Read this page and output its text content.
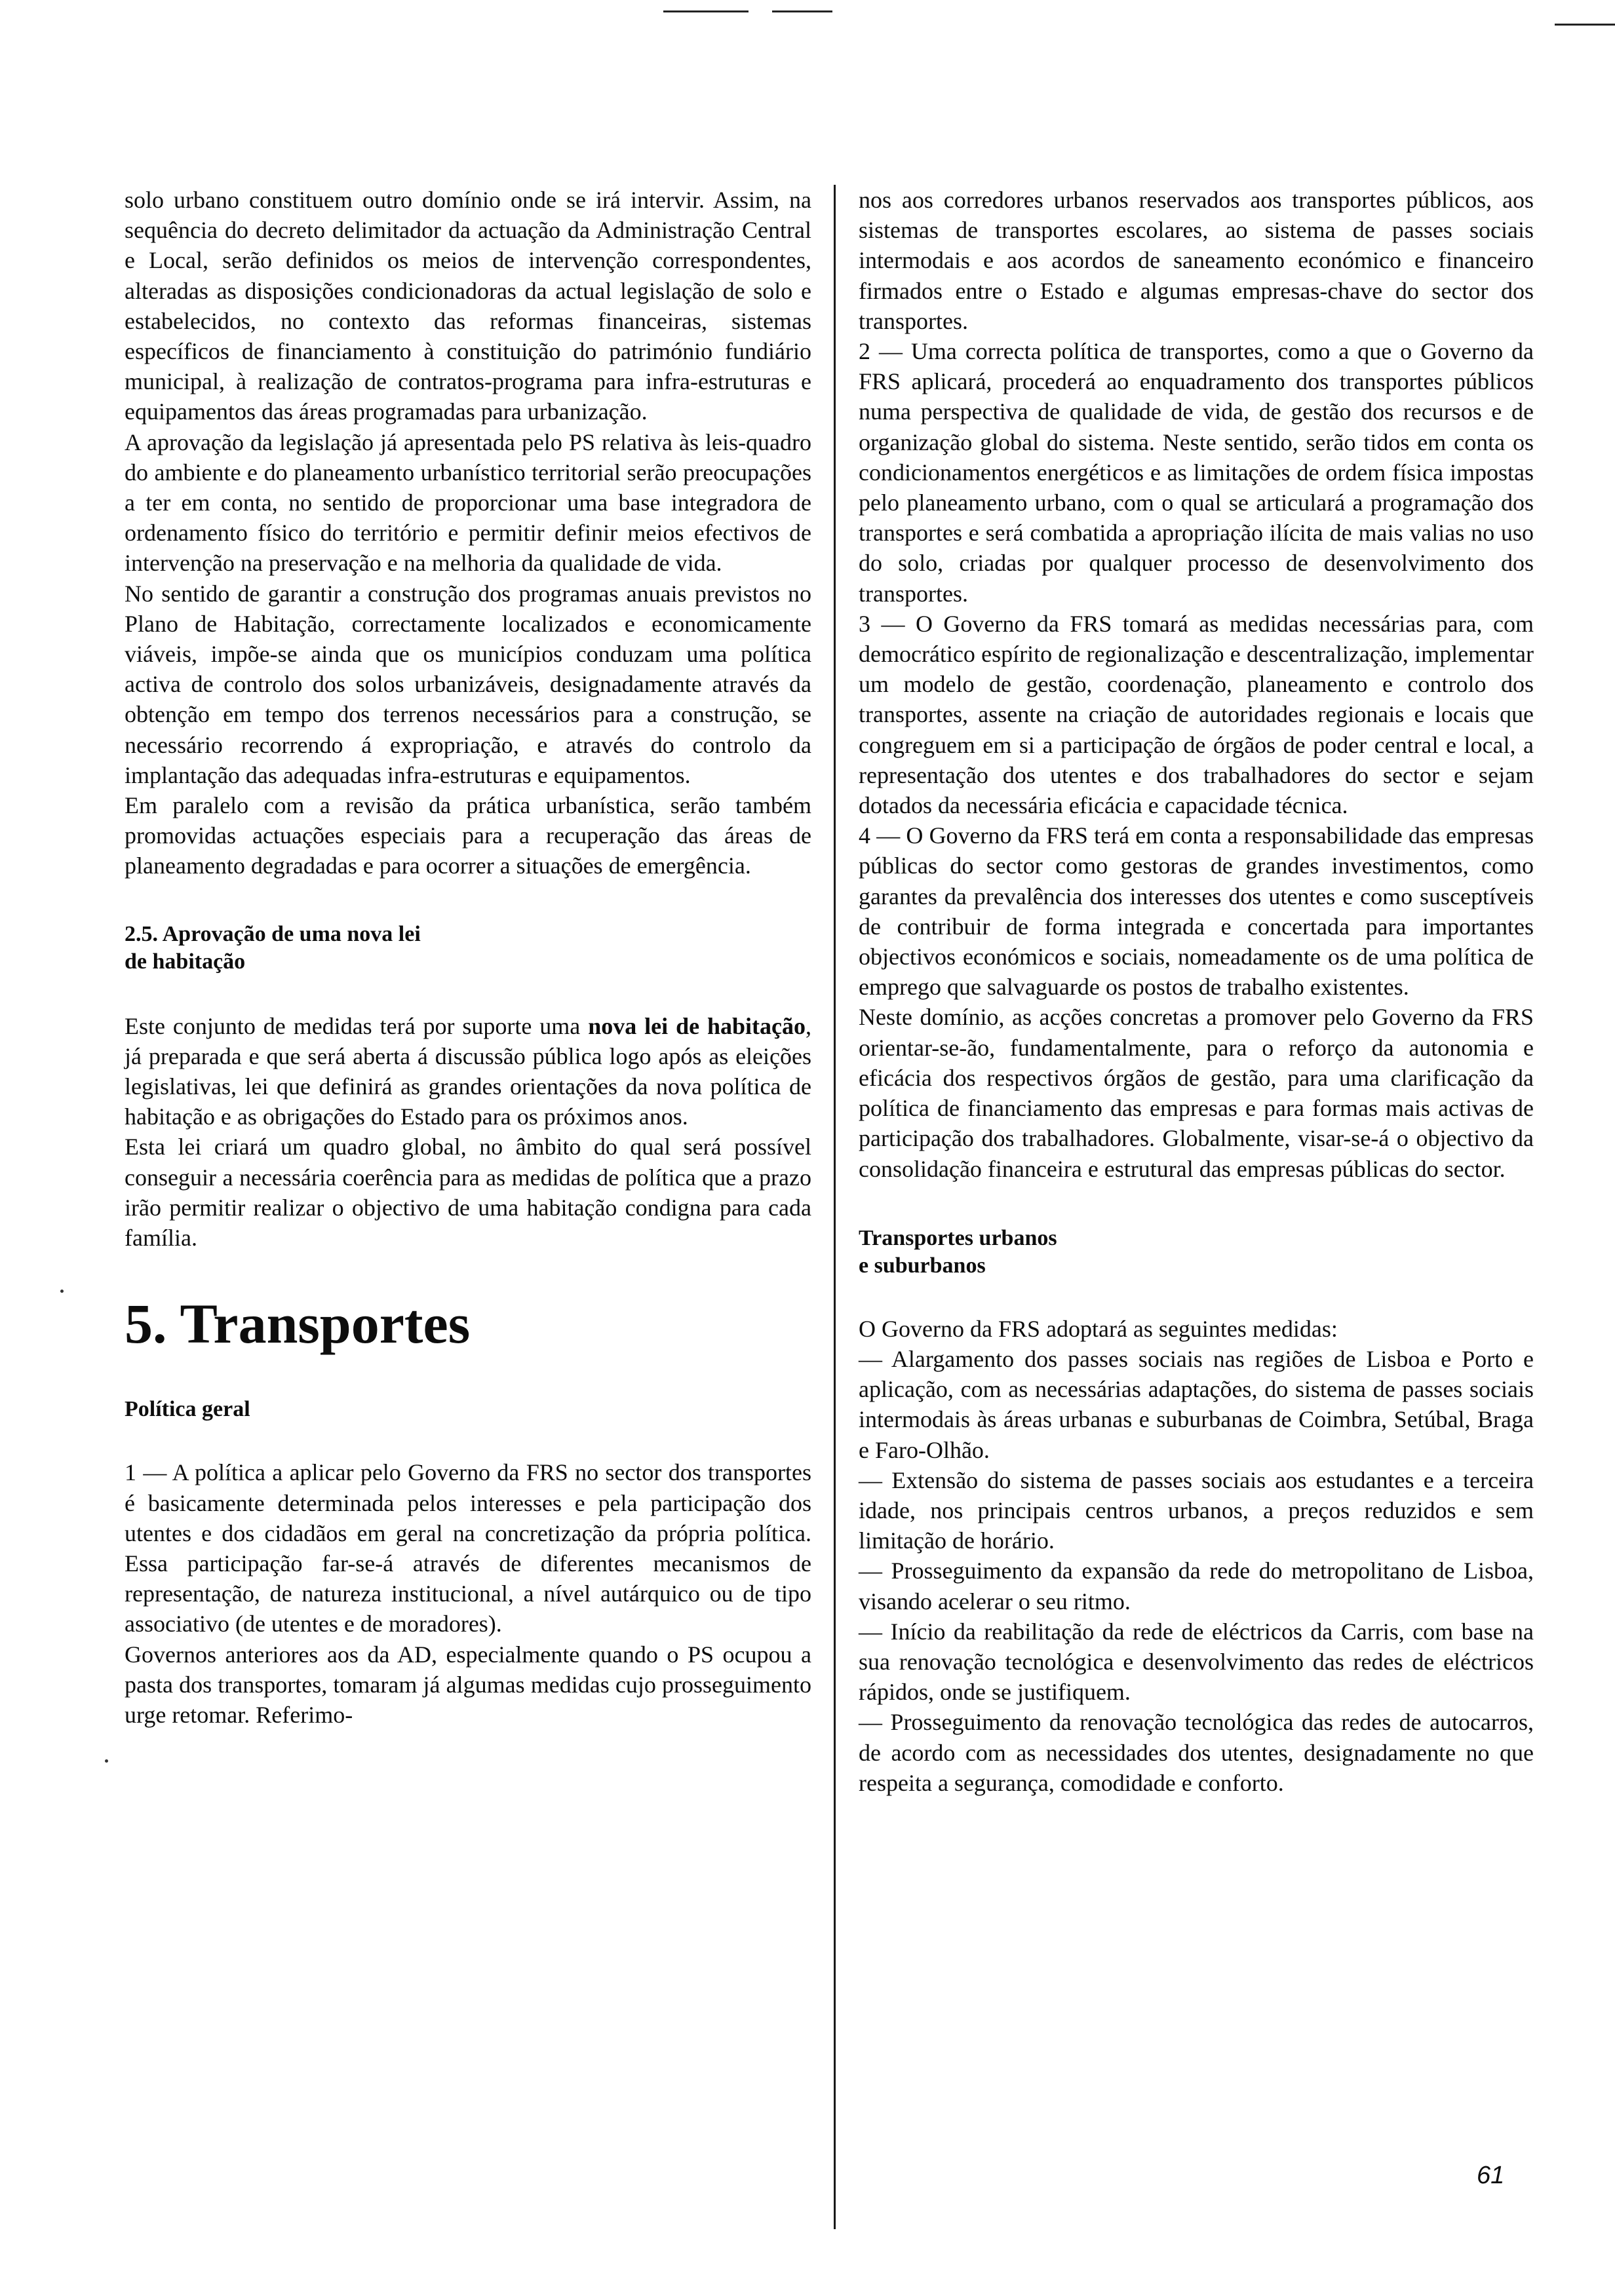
solo urbano constituem outro domínio onde se irá intervir. Assim, na sequência do decreto delimitador da actuação da Administração Central e Local, serão definidos os meios de intervenção correspondentes, alteradas as disposições condicionadoras da actual legislação de solo e estabelecidos, no contexto das reformas financeiras, sistemas específicos de financiamento à constituição do património fundiário municipal, à realização de contratos-programa para infra-estruturas e equipamentos das áreas programadas para urbanização.

A aprovação da legislação já apresentada pelo PS relativa às leis-quadro do ambiente e do planeamento urbanístico territorial serão preocupações a ter em conta, no sentido de proporcionar uma base integradora de ordenamento físico do território e permitir definir meios efectivos de intervenção na preservação e na melhoria da qualidade de vida.

No sentido de garantir a construção dos programas anuais previstos no Plano de Habitação, correctamente localizados e economicamente viáveis, impõe-se ainda que os municípios conduzam uma política activa de controlo dos solos urbanizáveis, designadamente através da obtenção em tempo dos terrenos necessários para a construção, se necessário recorrendo á expropriação, e através do controlo da implantação das adequadas infra-estruturas e equipamentos.

Em paralelo com a revisão da prática urbanística, serão também promovidas actuações especiais para a recuperação das áreas de planeamento degradadas e para ocorrer a situações de emergência.

2.5. Aprovação de uma nova lei
de habitação

Este conjunto de medidas terá por suporte uma nova lei de habitação, já preparada e que será aberta á discussão pública logo após as eleições legislativas, lei que definirá as grandes orientações da nova política de habitação e as obrigações do Estado para os próximos anos.

Esta lei criará um quadro global, no âmbito do qual será possível conseguir a necessária coerência para as medidas de política que a prazo irão permitir realizar o objectivo de uma habitação condigna para cada família.

5. Transportes
Política geral

1 — A política a aplicar pelo Governo da FRS no sector dos transportes é basicamente determinada pelos interesses e pela participação dos utentes e dos cidadãos em geral na concretização da própria política. Essa participação far-se-á através de diferentes mecanismos de representação, de natureza institucional, a nível autárquico ou de tipo associativo (de utentes e de moradores).

Governos anteriores aos da AD, especialmente quando o PS ocupou a pasta dos transportes, tomaram já algumas medidas cujo prosseguimento urge retomar. Referimo-

nos aos corredores urbanos reservados aos transportes públicos, aos sistemas de transportes escolares, ao sistema de passes sociais intermodais e aos acordos de saneamento económico e financeiro firmados entre o Estado e algumas empresas-chave do sector dos transportes.

2 — Uma correcta política de transportes, como a que o Governo da FRS aplicará, procederá ao enquadramento dos transportes públicos numa perspectiva de qualidade de vida, de gestão dos recursos e de organização global do sistema. Neste sentido, serão tidos em conta os condicionamentos energéticos e as limitações de ordem física impostas pelo planeamento urbano, com o qual se articulará a programação dos transportes e será combatida a apropriação ilícita de mais valias no uso do solo, criadas por qualquer processo de desenvolvimento dos transportes.

3 — O Governo da FRS tomará as medidas necessárias para, com democrático espírito de regionalização e descentralização, implementar um modelo de gestão, coordenação, planeamento e controlo dos transportes, assente na criação de autoridades regionais e locais que congreguem em si a participação de órgãos de poder central e local, a representação dos utentes e dos trabalhadores do sector e sejam dotados da necessária eficácia e capacidade técnica.

4 — O Governo da FRS terá em conta a responsabilidade das empresas públicas do sector como gestoras de grandes investimentos, como garantes da prevalência dos interesses dos utentes e como susceptíveis de contribuir de forma integrada e concertada para importantes objectivos económicos e sociais, nomeadamente os de uma política de emprego que salvaguarde os postos de trabalho existentes.

Neste domínio, as acções concretas a promover pelo Governo da FRS orientar-se-ão, fundamentalmente, para o reforço da autonomia e eficácia dos respectivos órgãos de gestão, para uma clarificação da política de financiamento das empresas e para formas mais activas de participação dos trabalhadores. Globalmente, visar-se-á o objectivo da consolidação financeira e estrutural das empresas públicas do sector.

Transportes urbanos
e suburbanos

O Governo da FRS adoptará as seguintes medidas:

— Alargamento dos passes sociais nas regiões de Lisboa e Porto e aplicação, com as necessárias adaptações, do sistema de passes sociais intermodais às áreas urbanas e suburbanas de Coimbra, Setúbal, Braga e Faro-Olhão.

— Extensão do sistema de passes sociais aos estudantes e a terceira idade, nos principais centros urbanos, a preços reduzidos e sem limitação de horário.

— Prosseguimento da expansão da rede do metropolitano de Lisboa, visando acelerar o seu ritmo.

— Início da reabilitação da rede de eléctricos da Carris, com base na sua renovação tecnológica e desenvolvimento das redes de eléctricos rápidos, onde se justifiquem.

— Prosseguimento da renovação tecnológica das redes de autocarros, de acordo com as necessidades dos utentes, designadamente no que respeita a segurança, comodidade e conforto.

61
